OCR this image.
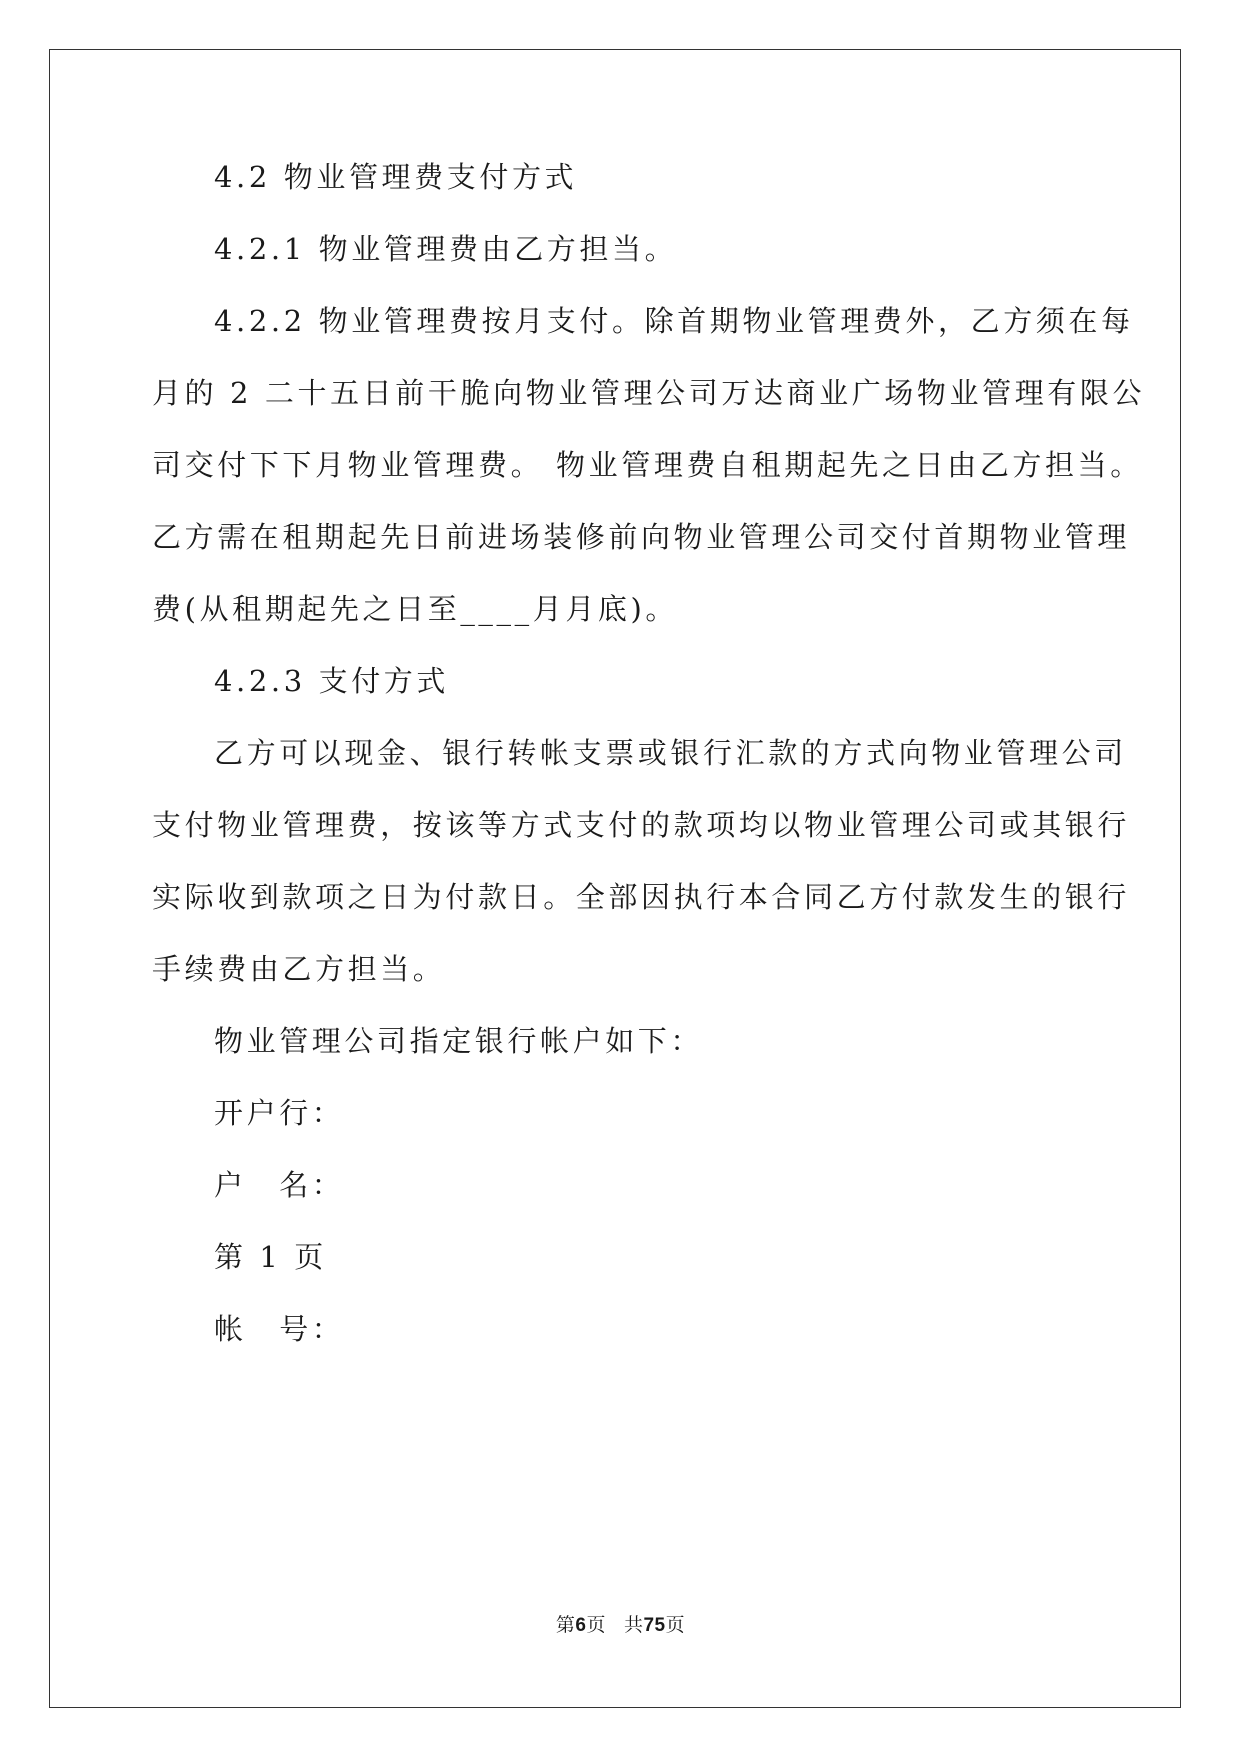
4.2 物业管理费支付方式
4.2.1 物业管理费由乙方担当。
4.2.2 物业管理费按月支付。除首期物业管理费外，乙方须在每
月的 2 二十五日前干脆向物业管理公司万达商业广场物业管理有限公
司交付下下月物业管理费。 物业管理费自租期起先之日由乙方担当。
乙方需在租期起先日前进场装修前向物业管理公司交付首期物业管理
费(从租期起先之日至____月月底)。
4.2.3 支付方式
乙方可以现金、银行转帐支票或银行汇款的方式向物业管理公司
支付物业管理费，按该等方式支付的款项均以物业管理公司或其银行
实际收到款项之日为付款日。全部因执行本合同乙方付款发生的银行
手续费由乙方担当。
物业管理公司指定银行帐户如下：
开户行：
户　名：
第 1 页
帐　号：
第6页 共75页
